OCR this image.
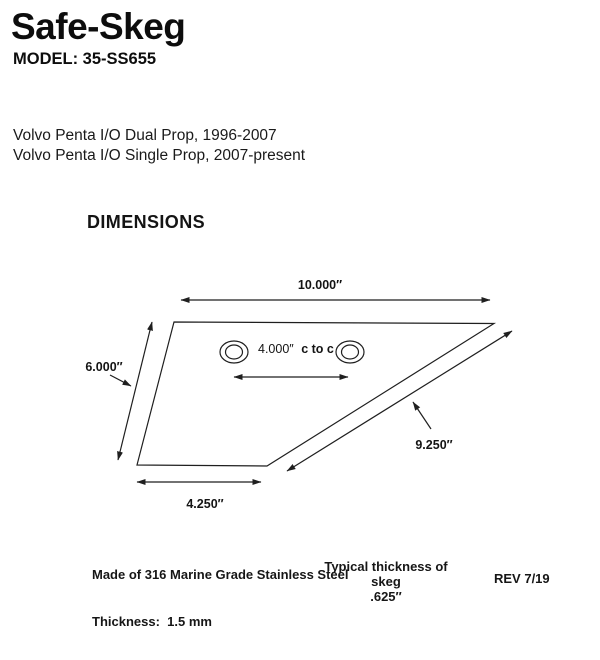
Safe-Skeg
MODEL: 35-SS655
Volvo Penta I/O Dual Prop, 1996-2007
Volvo Penta I/O Single Prop, 2007-present
DIMENSIONS
10.000″
6.000″
4.000″ c to c
9.250″
4.250″

Made of 316 Marine Grade Stainless Steel

Thickness:  1.5 mm

Typical thickness of skeg
.625″
REV 7/19
